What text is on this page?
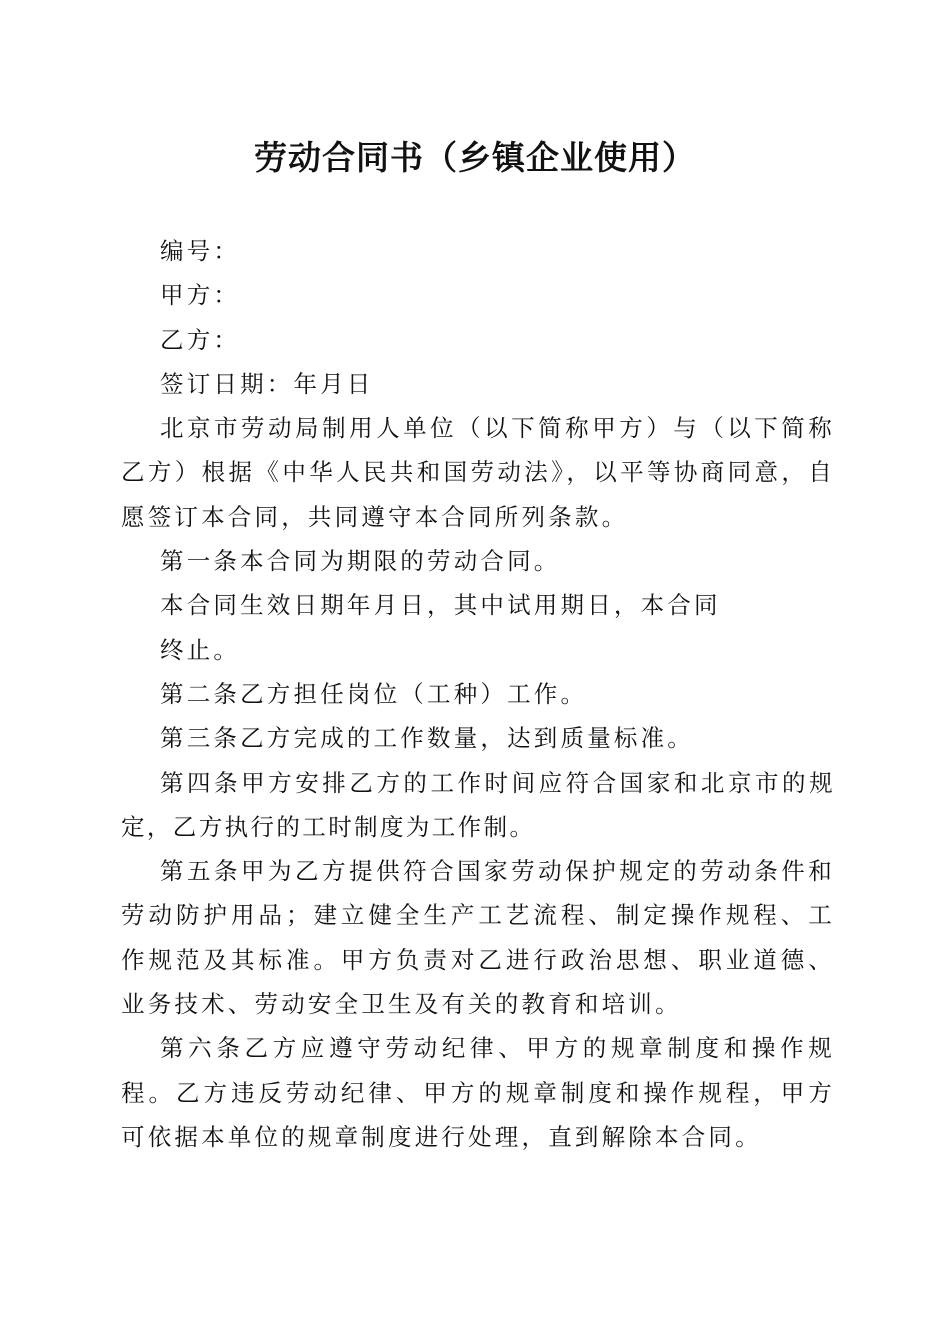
劳动合同书（乡镇企业使用）

编号：

甲方：

乙方：

签订日期：年月日

北京市劳动局制用人单位（以下简称甲方）与（以下简称乙方）根据《中华人民共和国劳动法》，以平等协商同意，自愿签订本合同，共同遵守本合同所列条款。

第一条本合同为期限的劳动合同。

本合同生效日期年月日，其中试用期日，本合同

终止。

第二条乙方担任岗位（工种）工作。

第三条乙方完成的工作数量，达到质量标准。

第四条甲方安排乙方的工作时间应符合国家和北京市的规定，乙方执行的工时制度为工作制。

第五条甲为乙方提供符合国家劳动保护规定的劳动条件和劳动防护用品；建立健全生产工艺流程、制定操作规程、工作规范及其标准。甲方负责对乙进行政治思想、职业道德、业务技术、劳动安全卫生及有关的教育和培训。

第六条乙方应遵守劳动纪律、甲方的规章制度和操作规程。乙方违反劳动纪律、甲方的规章制度和操作规程，甲方可依据本单位的规章制度进行处理，直到解除本合同。
